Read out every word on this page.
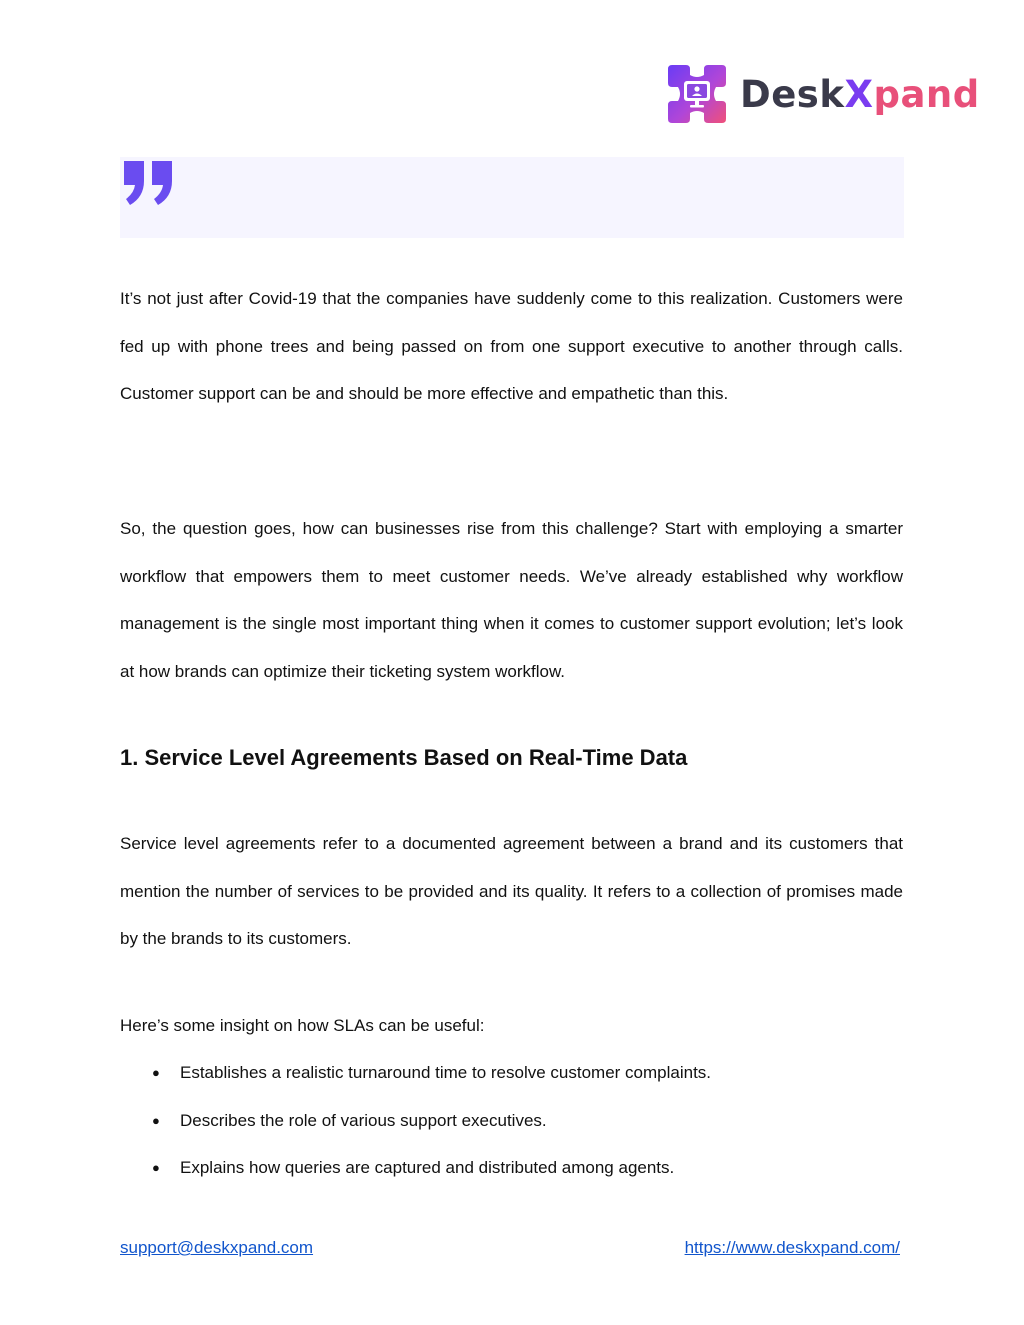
DeskXpand
It’s not just after Covid-19 that the companies have suddenly come to this realization. Customers were fed up with phone trees and being passed on from one support executive to another through calls. Customer support can be and should be more effective and empathetic than this.
So, the question goes, how can businesses rise from this challenge? Start with employing a smarter workflow that empowers them to meet customer needs. We’ve already established why workflow management is the single most important thing when it comes to customer support evolution; let’s look at how brands can optimize their ticketing system workflow.
1. Service Level Agreements Based on Real-Time Data
Service level agreements refer to a documented agreement between a brand and its customers that mention the number of services to be provided and its quality. It refers to a collection of promises made by the brands to its customers.
Here’s some insight on how SLAs can be useful:
● Establishes a realistic turnaround time to resolve customer complaints.
● Describes the role of various support executives.
● Explains how queries are captured and distributed among agents.
support@deskxpand.com	https://www.deskxpand.com/
